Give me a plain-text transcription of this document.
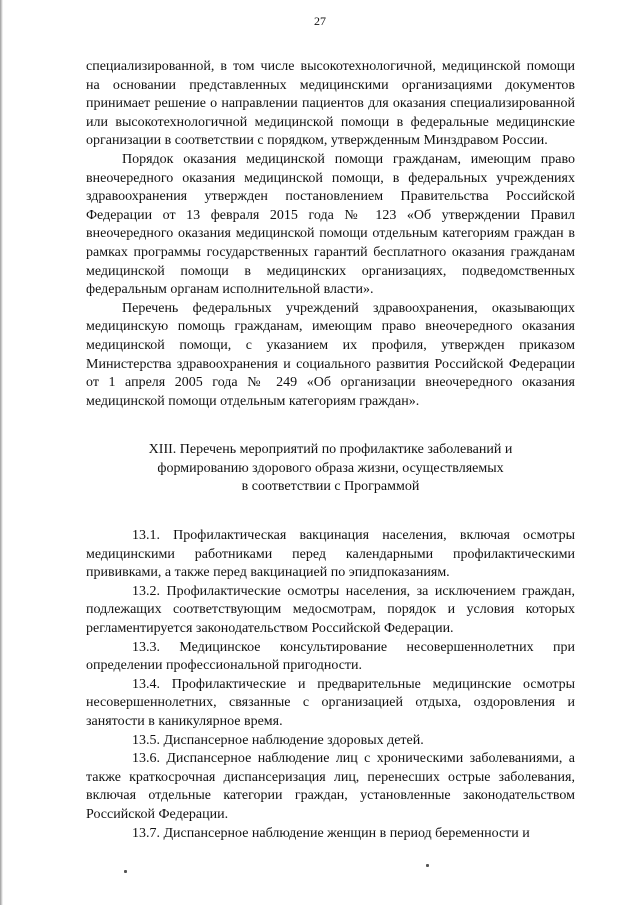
27

специализированной, в том числе высокотехнологичной, медицинской помощи на основании представленных медицинскими организациями документов принимает решение о направлении пациентов для оказания специализированной или высокотехнологичной медицинской помощи в федеральные медицинские организации в соответствии с порядком, утвержденным Минздравом России.

Порядок оказания медицинской помощи гражданам, имеющим право внеочередного оказания медицинской помощи, в федеральных учреждениях здравоохранения утвержден постановлением Правительства Российской Федерации от 13 февраля 2015 года № 123 «Об утверждении Правил внеочередного оказания медицинской помощи отдельным категориям граждан в рамках программы государственных гарантий бесплатного оказания гражданам медицинской помощи в медицинских организациях, подведомственных федеральным органам исполнительной власти».

Перечень федеральных учреждений здравоохранения, оказывающих медицинскую помощь гражданам, имеющим право внеочередного оказания медицинской помощи, с указанием их профиля, утвержден приказом Министерства здравоохранения и социального развития Российской Федерации от 1 апреля 2005 года № 249 «Об организации внеочередного оказания медицинской помощи отдельным категориям граждан».

XIII. Перечень мероприятий по профилактике заболеваний и
формированию здорового образа жизни, осуществляемых
в соответствии с Программой

13.1. Профилактическая вакцинация населения, включая осмотры медицинскими работниками перед календарными профилактическими прививками, а также перед вакцинацией по эпидпоказаниям.

13.2. Профилактические осмотры населения, за исключением граждан, подлежащих соответствующим медосмотрам, порядок и условия которых регламентируется законодательством Российской Федерации.

13.3. Медицинское консультирование несовершеннолетних при определении профессиональной пригодности.

13.4. Профилактические и предварительные медицинские осмотры несовершеннолетних, связанные с организацией отдыха, оздоровления и занятости в каникулярное время.

13.5. Диспансерное наблюдение здоровых детей.

13.6. Диспансерное наблюдение лиц с хроническими заболеваниями, а также краткосрочная диспансеризация лиц, перенесших острые заболевания, включая отдельные категории граждан, установленные законодательством Российской Федерации.

13.7. Диспансерное наблюдение женщин в период беременности и
